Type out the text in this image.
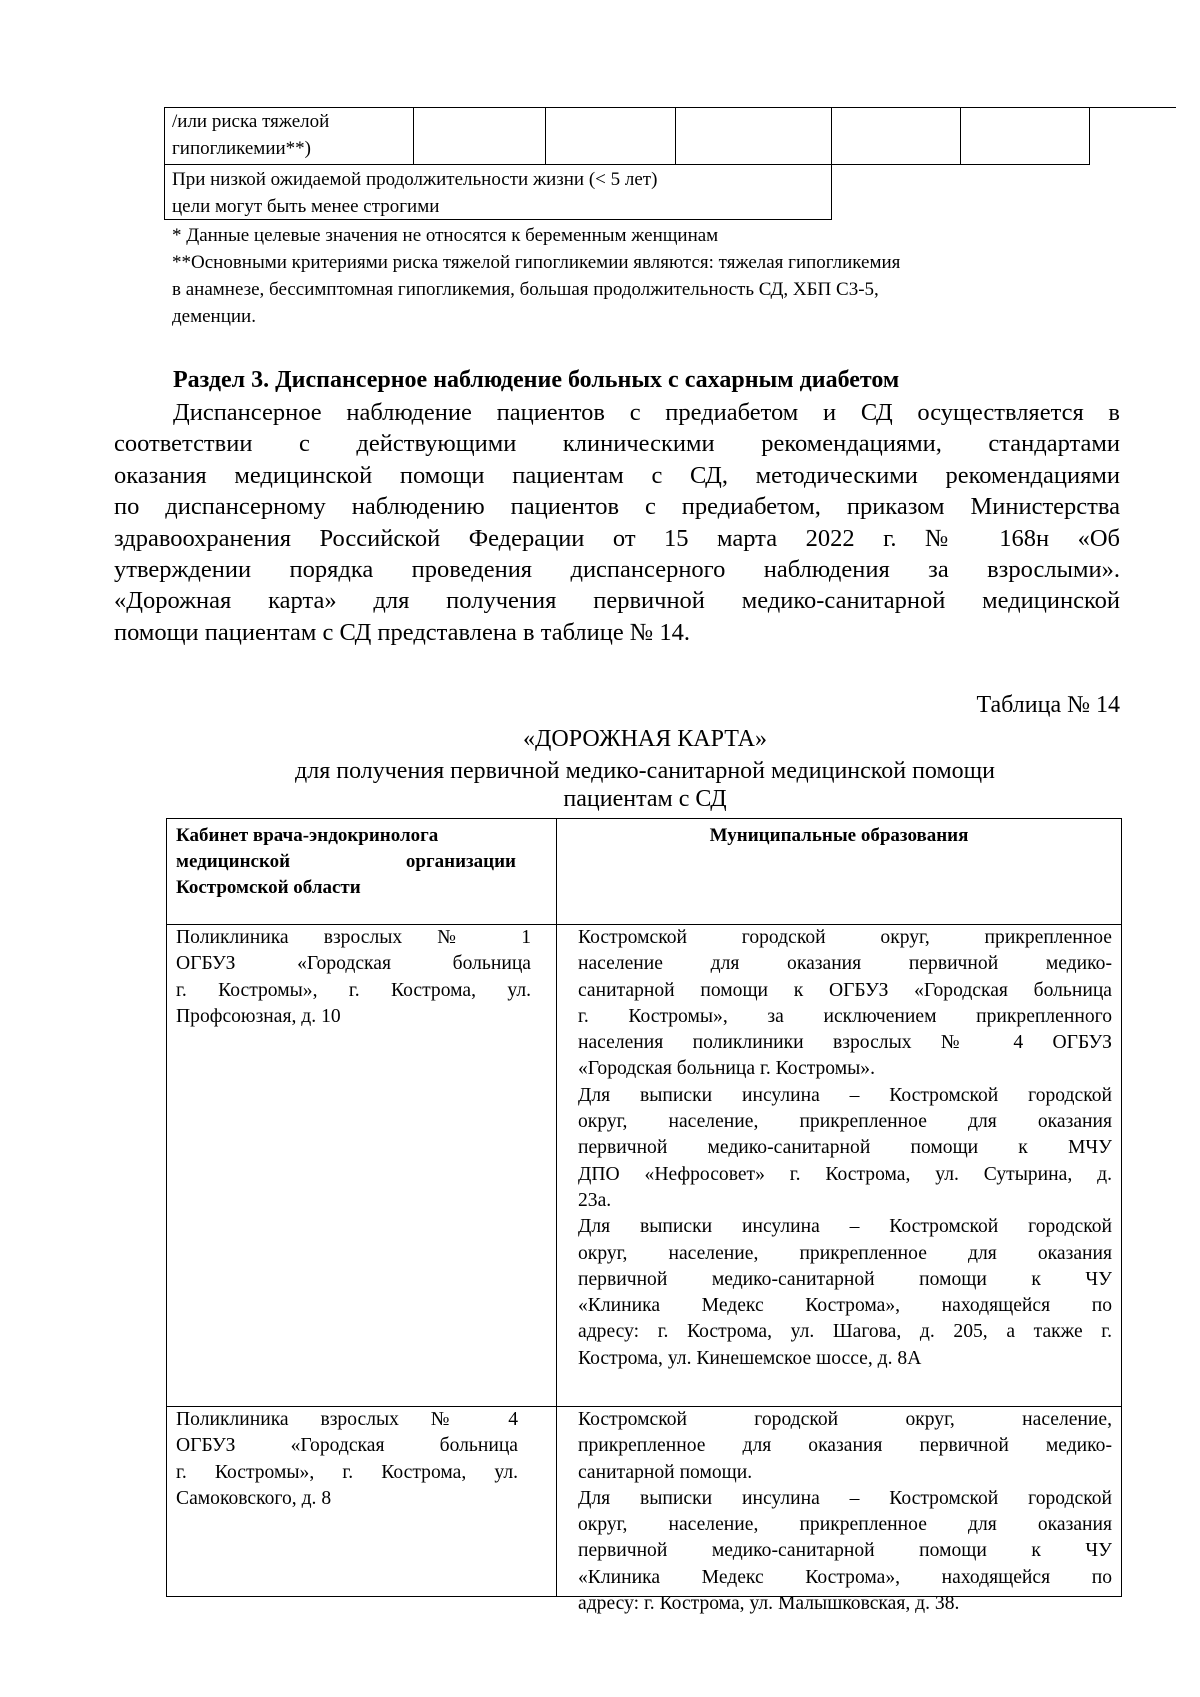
/или риска тяжелой
гипогликемии**)
При низкой ожидаемой продолжительности жизни (< 5 лет)
цели могут быть менее строгими
* Данные целевые значения не относятся к беременным женщинам
**Основными критериями риска тяжелой гипогликемии являются: тяжелая гипогликемия
в анамнезе, бессимптомная гипогликемия, большая продолжительность СД, ХБП С3-5,
деменции.
Раздел 3. Диспансерное наблюдение больных с сахарным диабетом
Диспансерное наблюдение пациентов с предиабетом и СД осуществляется в
соответствии с действующими клиническими рекомендациями, стандартами
оказания медицинской помощи пациентам с СД, методическими рекомендациями
по диспансерному наблюдению пациентов с предиабетом, приказом Министерства
здравоохранения Российской Федерации от 15 марта 2022 г. № 168н «Об
утверждении порядка проведения диспансерного наблюдения за взрослыми».
«Дорожная карта» для получения первичной медико-санитарной медицинской
помощи пациентам с СД представлена в таблице № 14.
Таблица № 14
«ДОРОЖНАЯ КАРТА»
для получения первичной медико-санитарной медицинской помощи
пациентам с СД
Кабинет врача-эндокринолога
медицинской организации
Костромской области
Муниципальные образования
Поликлиника взрослых № 1
ОГБУЗ «Городская больница
г. Костромы», г. Кострома, ул.
Профсоюзная, д. 10
Костромской городской округ, прикрепленное
население для оказания первичной медико-
санитарной помощи к ОГБУЗ «Городская больница
г. Костромы», за исключением прикрепленного
населения поликлиники взрослых № 4 ОГБУЗ
«Городская больница г. Костромы».
Для выписки инсулина – Костромской городской
округ, население, прикрепленное для оказания
первичной медико-санитарной помощи к МЧУ
ДПО «Нефросовет» г. Кострома, ул. Сутырина, д.
23а.
Для выписки инсулина – Костромской городской
округ, население, прикрепленное для оказания
первичной медико-санитарной помощи к ЧУ
«Клиника Медекс Кострома», находящейся по
адресу: г. Кострома, ул. Шагова, д. 205, а также г.
Кострома, ул. Кинешемское шоссе, д. 8А
Поликлиника взрослых № 4
ОГБУЗ «Городская больница
г. Костромы», г. Кострома, ул.
Самоковского, д. 8
Костромской городской округ, население,
прикрепленное для оказания первичной медико-
санитарной помощи.
Для выписки инсулина – Костромской городской
округ, население, прикрепленное для оказания
первичной медико-санитарной помощи к ЧУ
«Клиника Медекс Кострома», находящейся по
адресу: г. Кострома, ул. Малышковская, д. 38.
